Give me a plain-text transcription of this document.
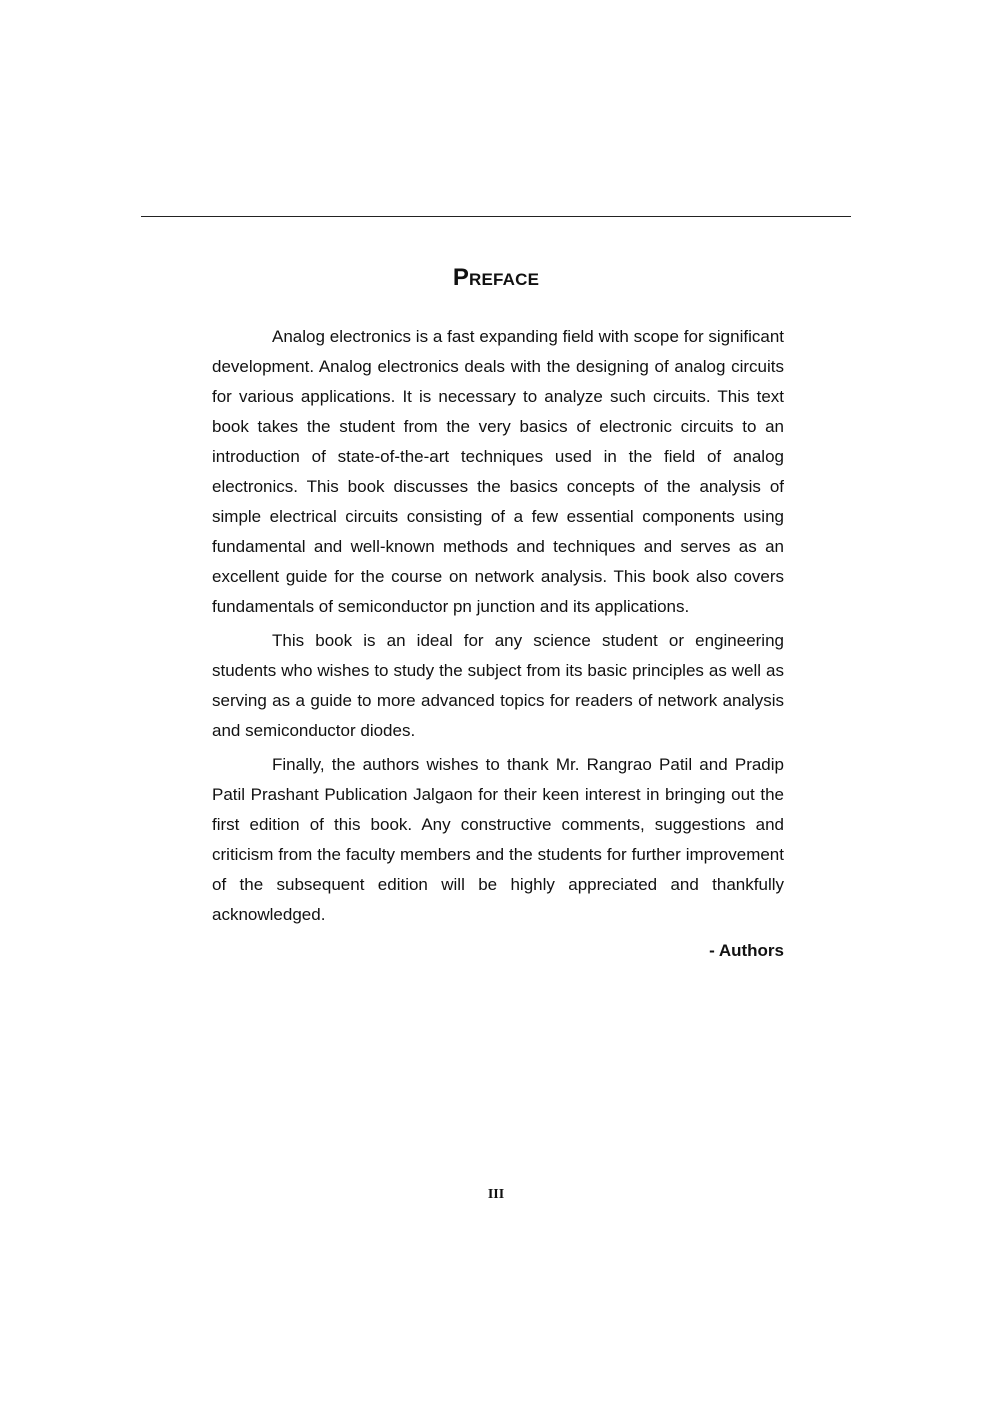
Preface

Analog electronics is a fast expanding field with scope for significant development. Analog electronics deals with the designing of analog circuits for various applications. It is necessary to analyze such circuits. This text book takes the student from the very basics of electronic circuits to an introduction of state-of-the-art techniques used in the field of analog electronics. This book discusses the basics concepts of the analysis of simple electrical circuits consisting of a few essential components using fundamental and well-known methods and techniques and serves as an excellent guide for the course on network analysis. This book also covers fundamentals of semiconductor pn junction and its applications.

This book is an ideal for any science student or engineering students who wishes to study the subject from its basic principles as well as serving as a guide to more advanced topics for readers of network analysis and semiconductor diodes.

Finally, the authors wishes to thank Mr. Rangrao Patil and Pradip Patil Prashant Publication Jalgaon for their keen interest in bringing out the first edition of this book. Any constructive comments, suggestions and criticism from the faculty members and the students for further improvement of the subsequent edition will be highly appreciated and thankfully acknowledged.

- Authors

III
